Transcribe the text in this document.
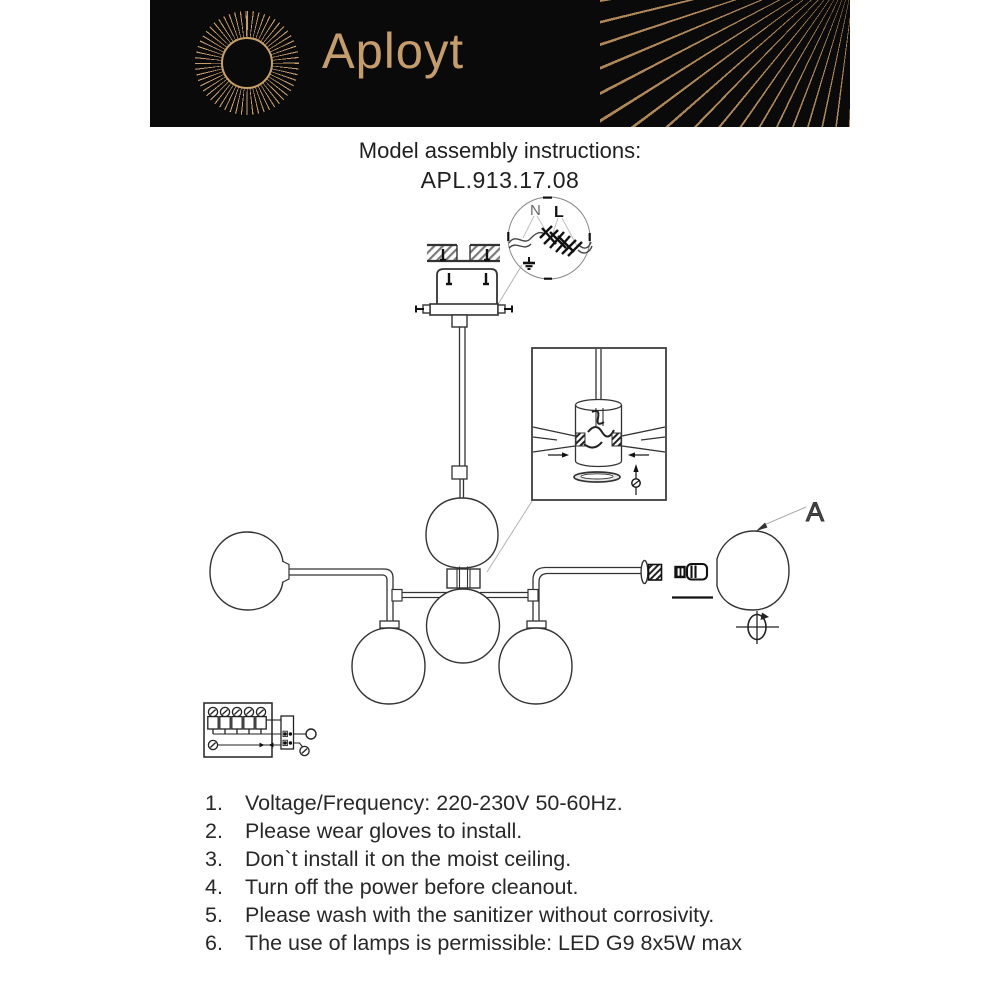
Aployt
Model assembly instructions:
APL.913.17.08
N L
A
1.	Voltage/Frequency: 220-230V 50-60Hz.
2.	Please wear gloves to install.
3.	Don`t install it on the moist ceiling.
4.	Turn off the power before cleanout.
5.	Please wash with the sanitizer without corrosivity.
6.	The use of lamps is permissible: LED G9 8x5W max
